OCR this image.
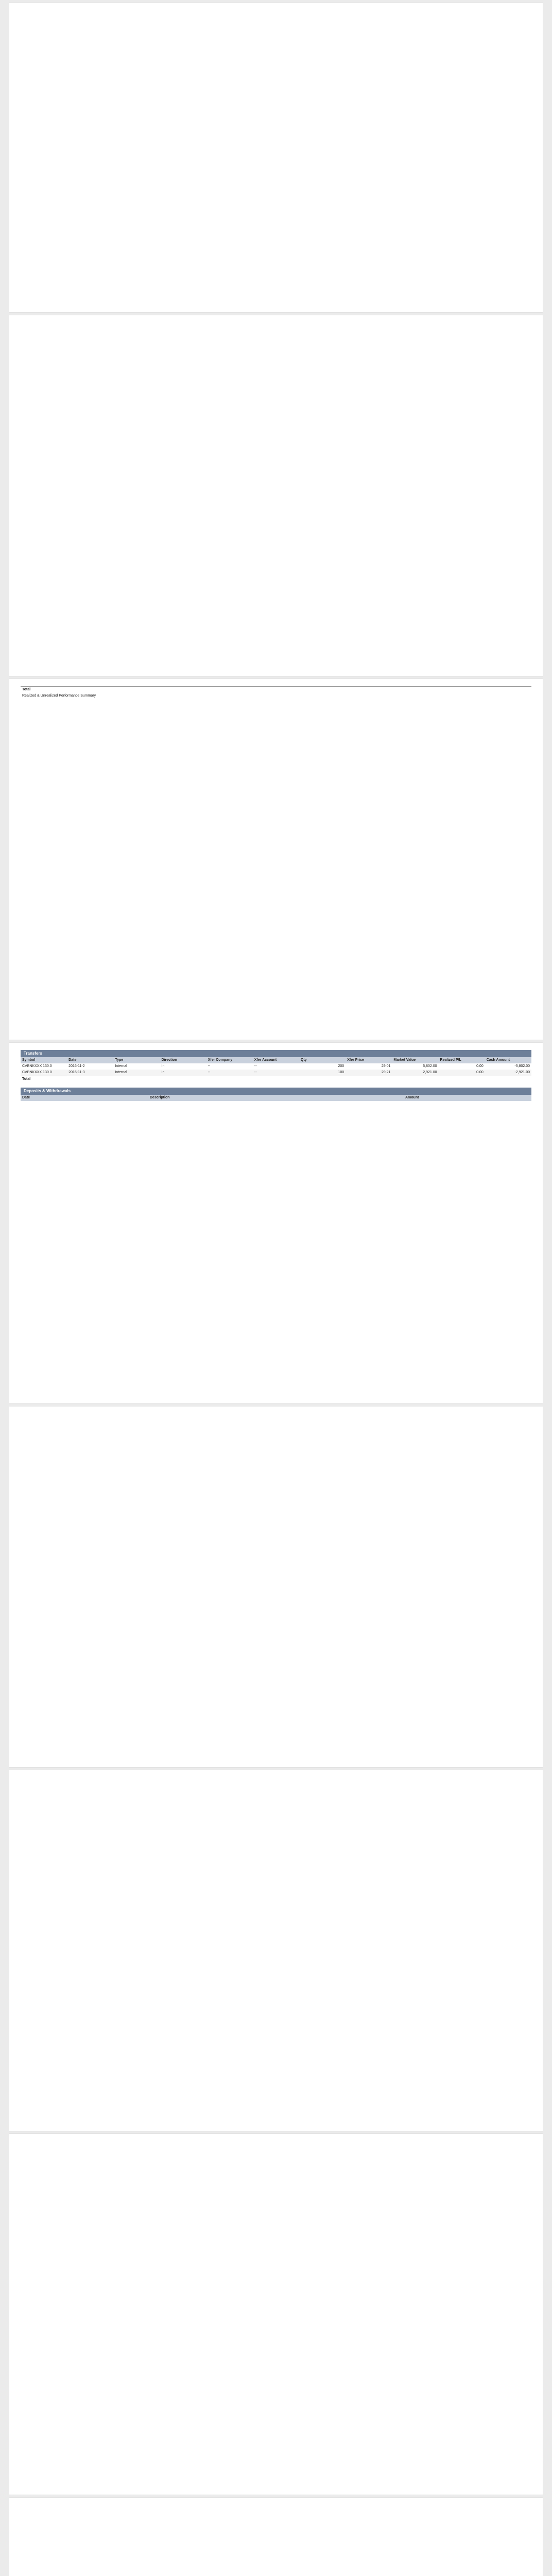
Total
Realized & Unrealized Performance Summary
Transfers
Symbol	Date	Type	Direction	Xfer Company	Xfer Account	Qty	Xfer Price	Market Value	Realized P/L	Cash Amount
CVBNKXXX 130.0	2016-11-2	Internal	In	--	--	200	29.01	5,802.00	0.00	-5,802.00
CVBNKXXX 130.0	2016-11-3	Internal	In	--	--	100	29.21	2,921.00	0.00	-2,921.00
Total										
Deposits & Withdrawals
Date	Description		Amount
